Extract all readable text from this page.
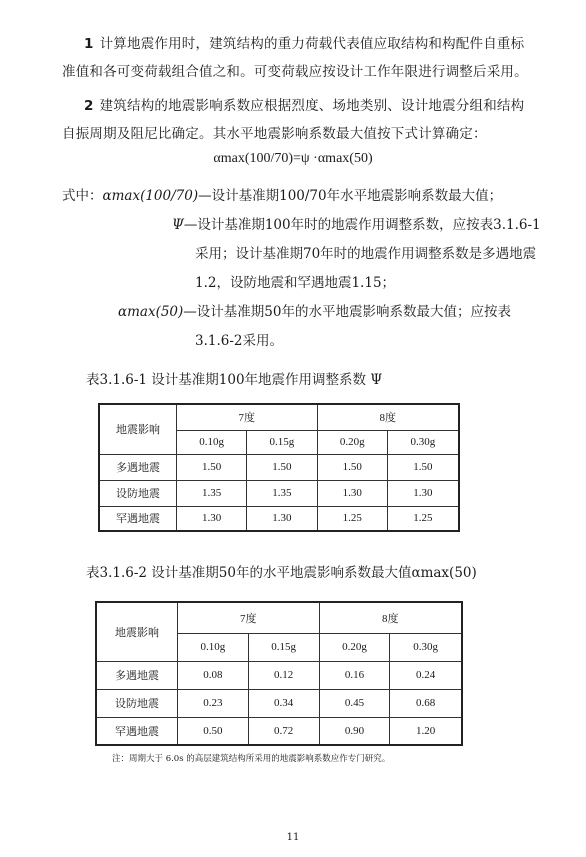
1 计算地震作用时，建筑结构的重力荷载代表值应取结构和构配件自重标
准值和各可变荷载组合值之和。可变荷载应按设计工作年限进行调整后采用。
2 建筑结构的地震影响系数应根据烈度、场地类别、设计地震分组和结构
自振周期及阻尼比确定。其水平地震影响系数最大值按下式计算确定：
αmax(100/70)=ψ ·αmax(50)
式中：αmax(100/70)—设计基准期100/70年水平地震影响系数最大值；
Ψ—设计基准期100年时的地震作用调整系数，应按表3.1.6-1
采用；设计基准期70年时的地震作用调整系数是多遇地震
1.2，设防地震和罕遇地震1.15；
αmax(50)—设计基准期50年的水平地震影响系数最大值；应按表
3.1.6-2采用。
表3.1.6-1 设计基准期100年地震作用调整系数 Ψ
地震影响	7度		8度	
	0.10g	0.15g	0.20g	0.30g
多遇地震	1.50	1.50	1.50	1.50
设防地震	1.35	1.35	1.30	1.30
罕遇地震	1.30	1.30	1.25	1.25
表3.1.6-2 设计基准期50年的水平地震影响系数最大值αmax(50)
地震影响	7度		8度	
	0.10g	0.15g	0.20g	0.30g
多遇地震	0.08	0.12	0.16	0.24
设防地震	0.23	0.34	0.45	0.68
罕遇地震	0.50	0.72	0.90	1.20
注：周期大于 6.0s 的高层建筑结构所采用的地震影响系数应作专门研究。
11
